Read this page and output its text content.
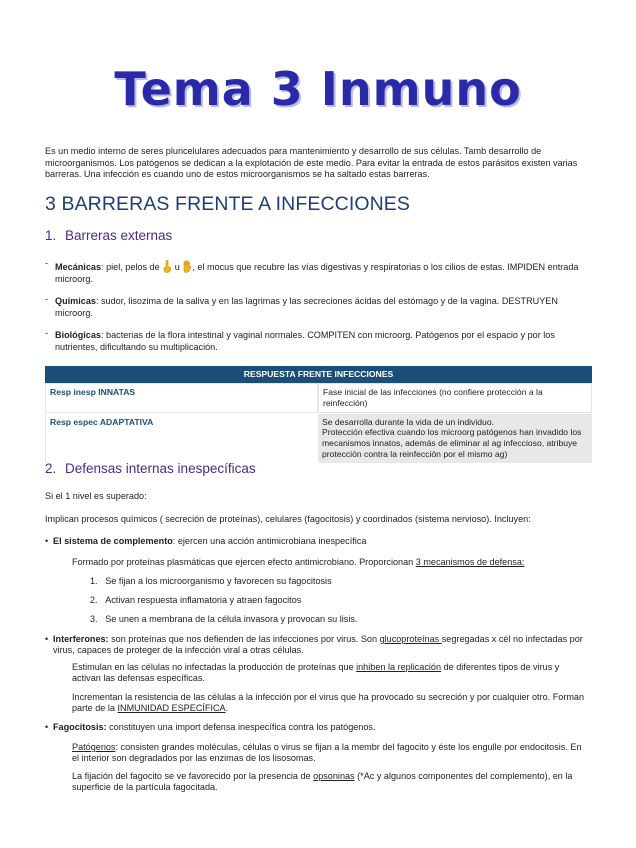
Tema 3 Inmuno
Es un medio interno de seres pluricelulares adecuados para mantenimiento y desarrollo de sus células. Tamb desarrollo de
microorganismos. Los patógenos se dedican a la explotación de este medio. Para evitar la entrada de estos parásitos existen varias
barreras. Una infección es cuando uno de estos microorganismos se ha saltado estas barreras.
3 BARRERAS FRENTE A INFECCIONES
1. Barreras externas
- Mecánicas: piel, pelos de  u , el mocus que recubre las vías digestivas y respiratorias o los cilios de estas. IMPIDEN entrada
microorg.
- Químicas: sudor, lisozima de la saliva y en las lagrimas y las secreciones ácidas del estómago y de la vagina. DESTRUYEN
microorg.
- Biológicas: bacterias de la flora intestinal y vaginal normales. COMPITEN con microorg. Patógenos por el espacio y por los
nutrientes, dificultando su multiplicación.
RESPUESTA FRENTE INFECCIONES
Resp inesp INNATAS	Fase inicial de las infecciones (no confiere protección a la reinfección)
Resp espec ADAPTATIVA	Se desarrolla durante la vida de un individuo.
Protección efectiva cuando los microorg patógenos han invadido los
mecanismos innatos, además de eliminar al ag infeccioso, atribuye
protección contra la reinfección por el mismo ag)
2. Defensas internas inespecíficas
Si el 1 nivel es superado:
Implican procesos químicos ( secreción de proteínas), celulares (fagocitosis) y coordinados (sistema nervioso). Incluyen:
• El sistema de complemento: ejercen una acción antimicrobiana inespecífica
Formado por proteínas plasmáticas que ejercen efecto antimicrobiano. Proporcionan 3 mecanismos de defensa:
1. Se fijan a los microorganismo y favorecen su fagocitosis
2. Activan respuesta inflamatoria y atraen fagocitos
3. Se unen a membrana de la célula invasora y provocan su lisis.
• Interferones: son proteínas que nos defienden de las infecciones por virus. Son glucoproteínas segregadas x cél no infectadas por
virus, capaces de proteger de la infección viral a otras células.
Estimulan en las células no infectadas la producción de proteínas que inhiben la replicación de diferentes tipos de virus y
activan las defensas específicas.
Incrementan la resistencia de las células a la infección por el virus que ha provocado su secreción y por cualquier otro. Forman
parte de la INMUNIDAD ESPECÍFICA.
• Fagocitosis: constituyen una import defensa inespecífica contra los patógenos.
Patógenos: consisten grandes moléculas, células o virus se fijan a la membr del fagocito y éste los engulle por endocitosis. En
el interior son degradados por las enzimas de los lisosomas.
La fijación del fagocito se ve favorecido por la presencia de opsoninas (*Ac y algunos componentes del complemento), en la
superficie de la partícula fagocitada.
